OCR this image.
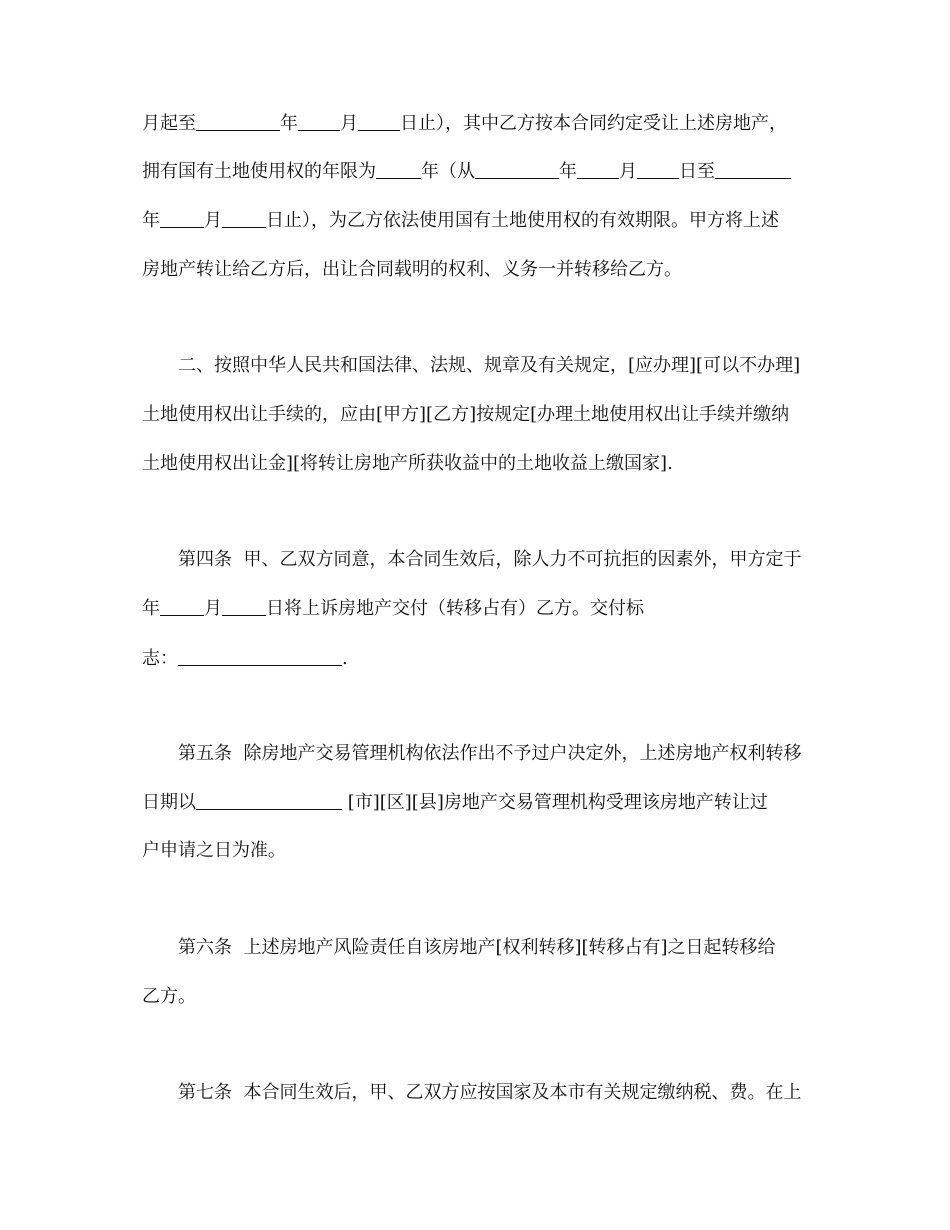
月起至	年 月 日止），其中乙方按本合同约定受让上述房地产，
拥有国有土地使用权的年限为	年（从	年 月 日至
年 月 日止），为乙方依法使用国有土地使用权的有效期限。甲方将上述
房地产转让给乙方后，出让合同载明的权利、义务一并转移给乙方。
二、按照中华人民共和国法律、法规、规章及有关规定，[应办理][可以不办理]
土地使用权出让手续的，应由[甲方][乙方]按规定[办理土地使用权出让手续并缴纳
土地使用权出让金][将转让房地产所获收益中的土地收益上缴国家].
第四条  甲、乙双方同意，本合同生效后，除人力不可抗拒的因素外，甲方定于
年 月 日将上诉房地产交付（转移占有）乙方。交付标
志：	.
第五条  除房地产交易管理机构依法作出不予过户决定外，上述房地产权利转移
日期以	[市][区][县]房地产交易管理机构受理该房地产转让过
户申请之日为准。
第六条  上述房地产风险责任自该房地产[权利转移][转移占有]之日起转移给
乙方。
第七条  本合同生效后，甲、乙双方应按国家及本市有关规定缴纳税、费。在上
